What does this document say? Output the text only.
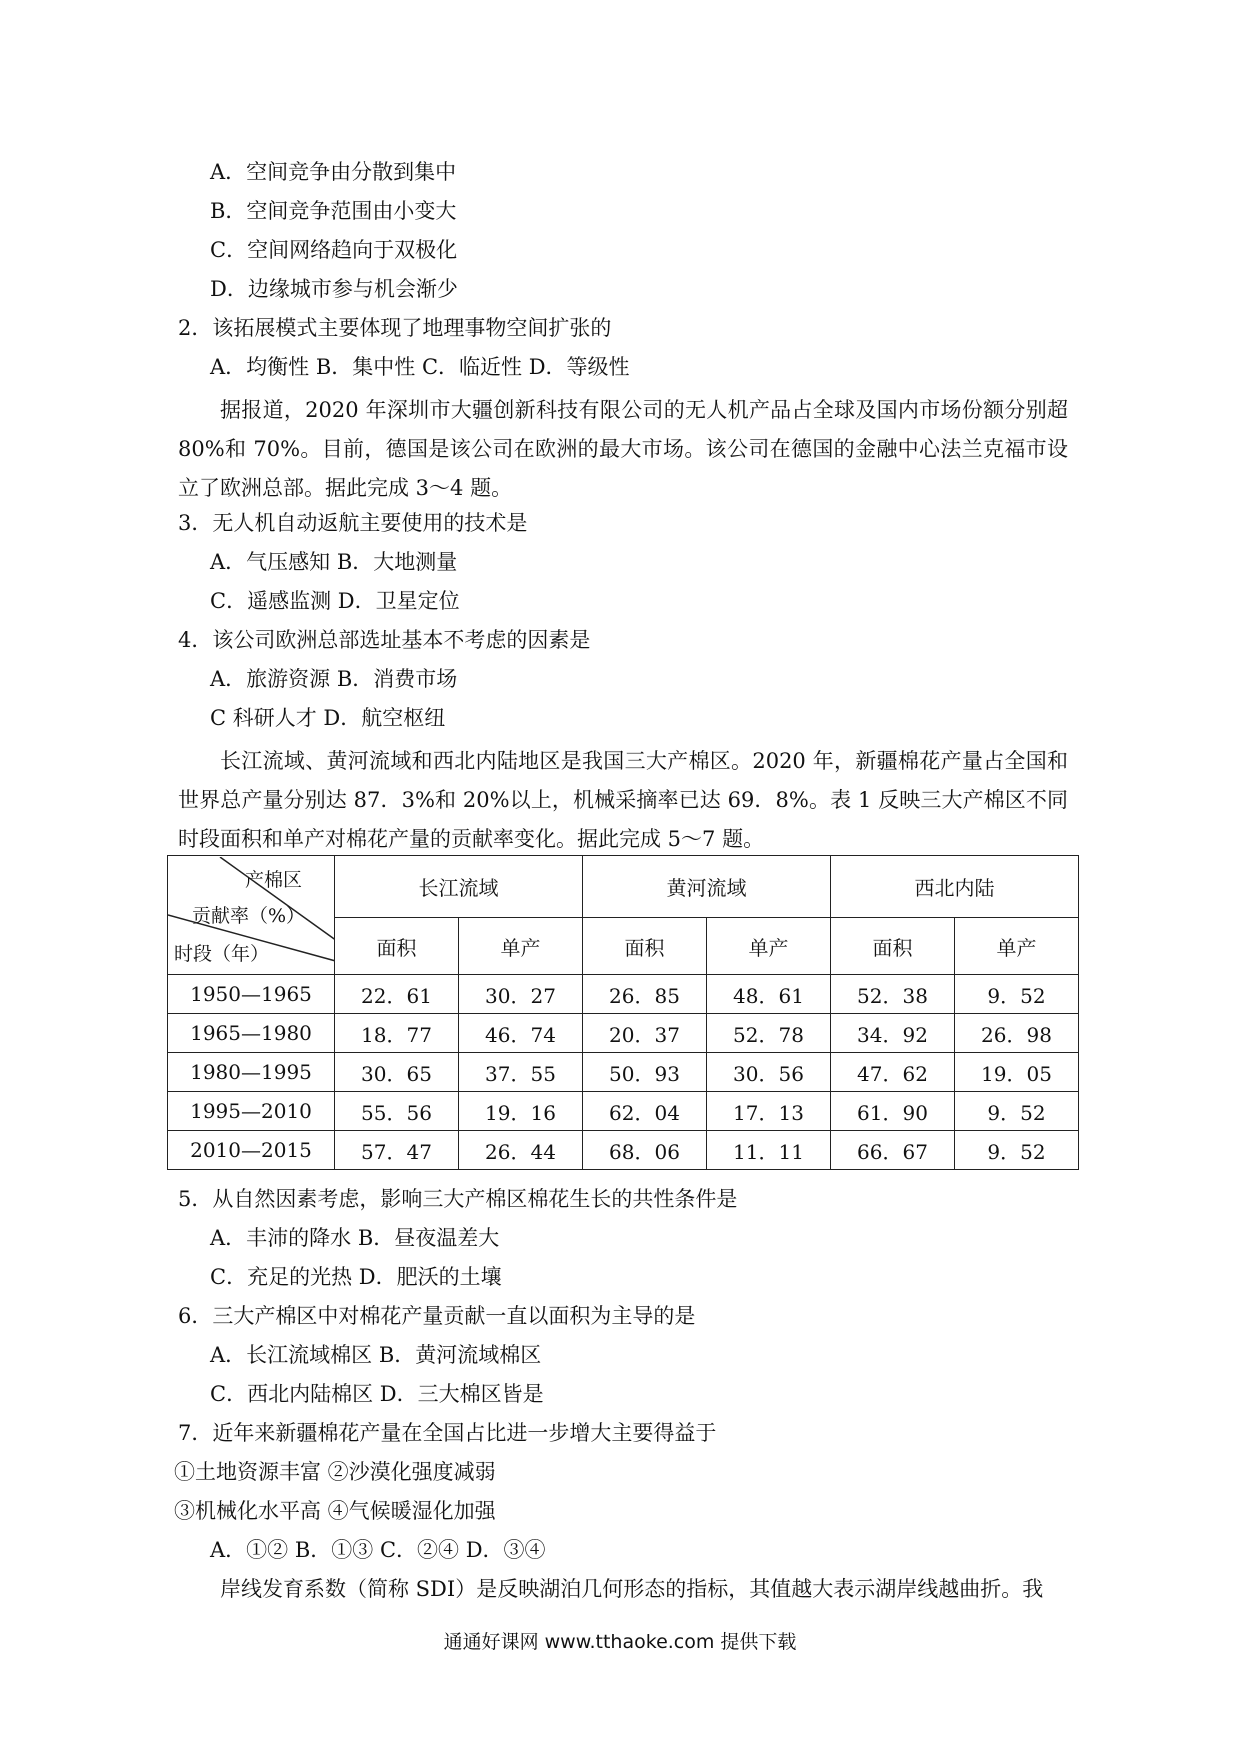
A．空间竞争由分散到集中
B．空间竞争范围由小变大
C．空间网络趋向于双极化
D．边缘城市参与机会渐少
2．该拓展模式主要体现了地理事物空间扩张的
A．均衡性 B．集中性 C．临近性 D．等级性
据报道，2020 年深圳市大疆创新科技有限公司的无人机产品占全球及国内市场份额分别超 80%和 70%。目前，德国是该公司在欧洲的最大市场。该公司在德国的金融中心法兰克福市设立了欧洲总部。据此完成 3～4 题。
3．无人机自动返航主要使用的技术是
A．气压感知 B．大地测量
C．遥感监测 D．卫星定位
4．该公司欧洲总部选址基本不考虑的因素是
A．旅游资源 B．消费市场
C 科研人才 D．航空枢纽
长江流域、黄河流域和西北内陆地区是我国三大产棉区。2020 年，新疆棉花产量占全国和世界总产量分别达 87．3%和 20%以上，机械采摘率已达 69．8%。表 1 反映三大产棉区不同时段面积和单产对棉花产量的贡献率变化。据此完成 5～7 题。
产棉区
贡献率（%）
时段（年）	长江流域		黄河流域		西北内陆	
	面积	单产	面积	单产	面积	单产
1950—1965	22．61	30．27	26．85	48．61	52．38	9．52
1965—1980	18．77	46．74	20．37	52．78	34．92	26．98
1980—1995	30．65	37．55	50．93	30．56	47．62	19．05
1995—2010	55．56	19．16	62．04	17．13	61．90	9．52
2010—2015	57．47	26．44	68．06	11．11	66．67	9．52
5．从自然因素考虑，影响三大产棉区棉花生长的共性条件是
A．丰沛的降水 B．昼夜温差大
C．充足的光热 D．肥沃的土壤
6．三大产棉区中对棉花产量贡献一直以面积为主导的是
A．长江流域棉区 B．黄河流域棉区
C．西北内陆棉区 D．三大棉区皆是
7．近年来新疆棉花产量在全国占比进一步增大主要得益于
①土地资源丰富 ②沙漠化强度减弱
③机械化水平高 ④气候暖湿化加强
A．①② B．①③ C．②④ D．③④
岸线发育系数（简称 SDI）是反映湖泊几何形态的指标，其值越大表示湖岸线越曲折。我
通通好课网 www.tthaoke.com 提供下载
